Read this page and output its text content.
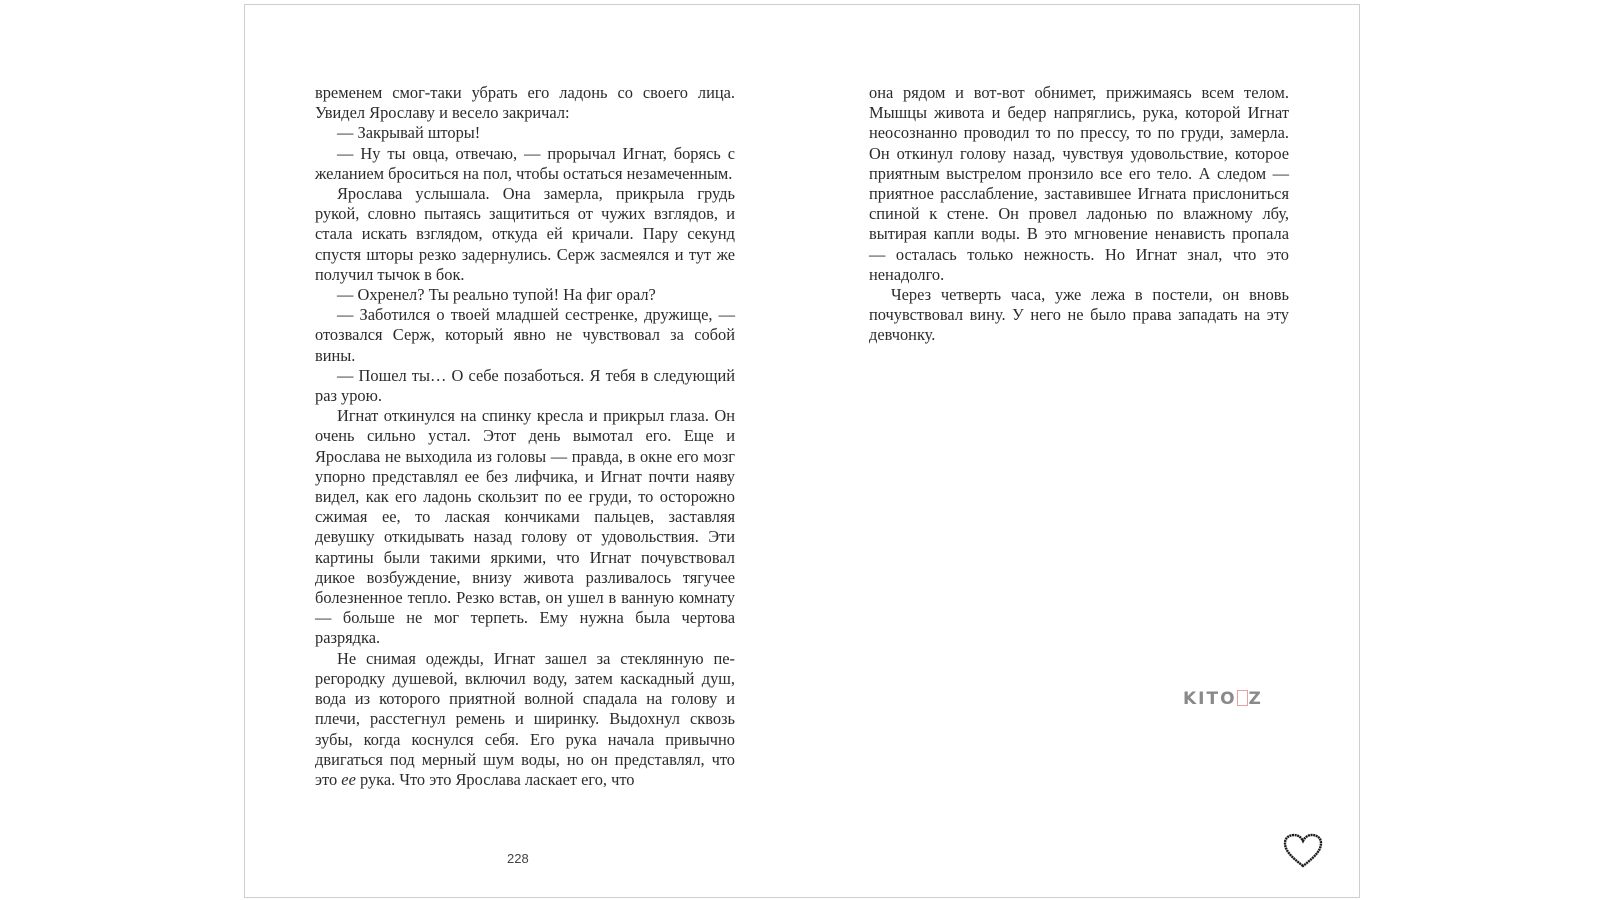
временем смог-таки убрать его ладонь со своего лица. Увидел Ярославу и весело закричал:

— Закрывай шторы!

— Ну ты овца, отвечаю, — прорычал Игнат, борясь с желанием броситься на пол, чтобы остаться незамеченным.

Ярослава услышала. Она замерла, прикрыла грудь рукой, словно пытаясь защититься от чужих взглядов, и стала искать взглядом, откуда ей кричали. Пару секунд спустя шторы резко задернулись. Серж засмеялся и тут же получил тычок в бок.

— Охренел? Ты реально тупой! На фиг орал?

— Заботился о твоей младшей сестренке, дружище, — отозвался Серж, который явно не чувствовал за собой вины.

— Пошел ты… О себе позаботься. Я тебя в следующий раз урою.

Игнат откинулся на спинку кресла и прикрыл глаза. Он очень сильно устал. Этот день вымотал его. Еще и Ярослава не выходила из головы — правда, в окне его мозг упорно представлял ее без лифчика, и Игнат почти наяву видел, как его ладонь скользит по ее груди, то осторожно сжимая ее, то лаская кончиками пальцев, заставляя девушку откидывать назад голову от удовольствия. Эти картины были такими яркими, что Игнат почувствовал дикое возбуждение, внизу живота разливалось тягучее болезненное тепло. Резко встав, он ушел в ванную комнату — больше не мог терпеть. Ему нужна была чертова разрядка.

Не снимая одежды, Игнат зашел за стеклянную перегородку душевой, включил воду, затем каскадный душ, вода из которого приятной волной спадала на голову и плечи, расстегнул ремень и ширинку. Выдохнул сквозь зубы, когда коснулся себя. Его рука начала привычно двигаться под мерный шум воды, но он представлял, что это ее рука. Что это Ярослава ласкает его, что

228

она рядом и вот-вот обнимет, прижимаясь всем телом. Мышцы живота и бедер напряглись, рука, которой Игнат неосознанно проводил то по прессу, то по груди, замерла. Он откинул голову назад, чувствуя удовольствие, которое приятным выстрелом пронзило все его тело. А следом — приятное расслабление, заставившее Игната прислониться спиной к стене. Он провел ладонью по влажному лбу, вытирая капли воды. В это мгновение ненависть пропала — осталась только нежность. Но Игнат знал, что это ненадолго.

Через четверть часа, уже лежа в постели, он вновь почувствовал вину. У него не было права западать на эту девчонку.

KITO Z
